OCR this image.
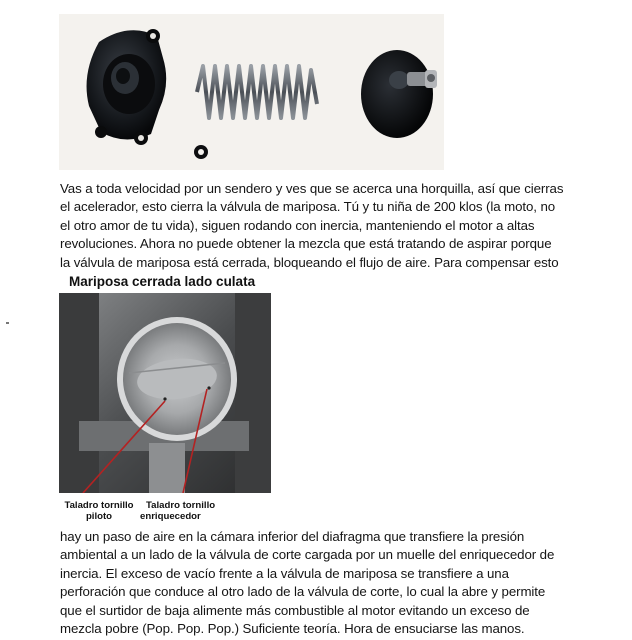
Vas a toda velocidad por un sendero y ves que se acerca una horquilla, así que cierras
el acelerador, esto cierra la válvula de mariposa. Tú y tu niña de 200 klos (la moto, no
el otro amor de tu vida), siguen rodando con inercia, manteniendo el motor a altas
revoluciones. Ahora no puede obtener la mezcla que está tratando de aspirar porque
la válvula de mariposa está cerrada, bloqueando el flujo de aire. Para compensar esto
Mariposa cerrada lado culata
Taladro tornillo
piloto
Taladro tornillo
enriquecedor
hay un paso de aire en la cámara inferior del diafragma que transfiere la presión
ambiental a un lado de la válvula de corte cargada por un muelle del enriquecedor de
inercia. El exceso de vacío frente a la válvula de mariposa se transfiere a una
perforación que conduce al otro lado de la válvula de corte, lo cual la abre y permite
que el surtidor de baja alimente más combustible al motor evitando un exceso de
mezcla pobre (Pop. Pop. Pop.) Suficiente teoría. Hora de ensuciarse las manos.
